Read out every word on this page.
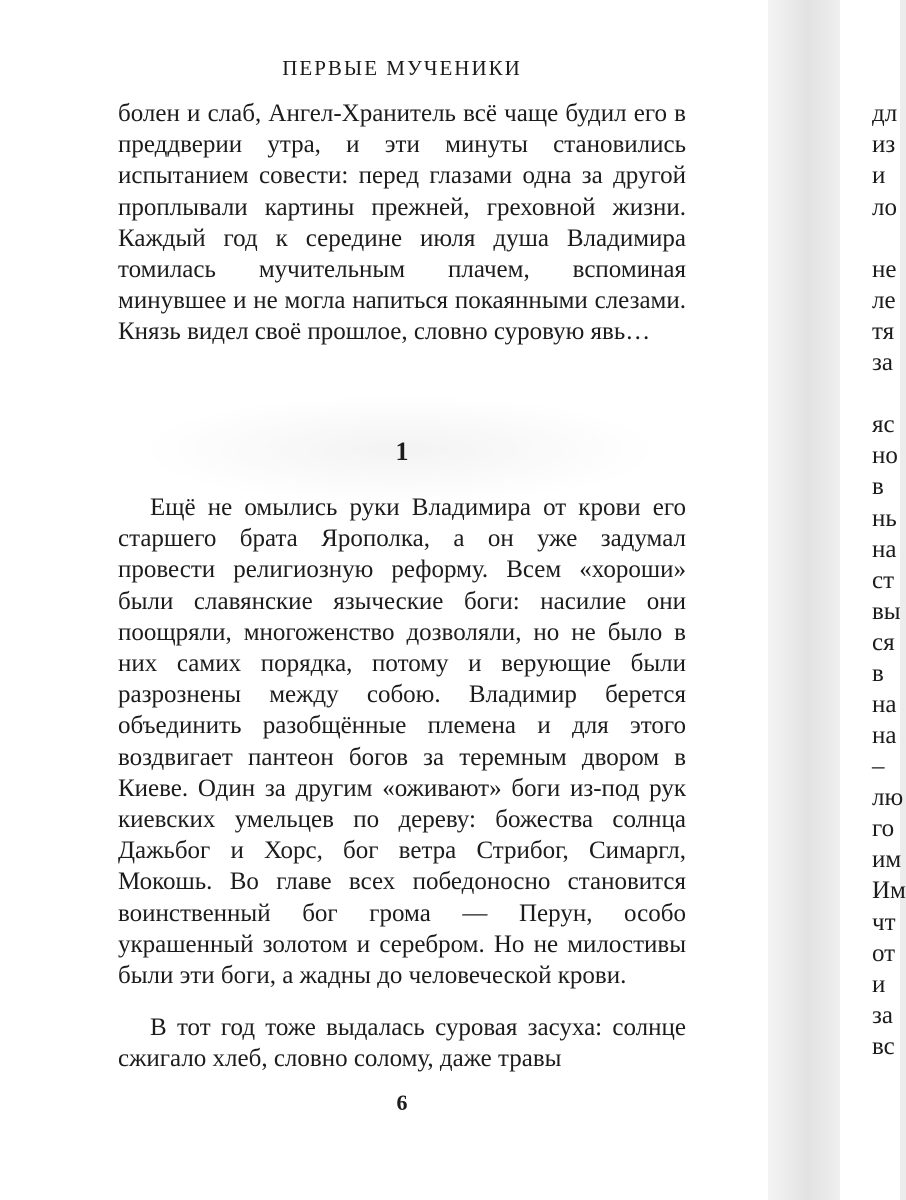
ПЕРВЫЕ МУЧЕНИКИ

болен и слаб, Ангел-Хранитель всё чаще будил его в преддверии утра, и эти минуты становились испытанием совести: перед глазами одна за другой проплывали картины прежней, греховной жизни. Каждый год к середине июля душа Владимира томилась мучительным плачем, вспоминая минувшее и не могла напиться покаянными слезами. Князь видел своё прошлое, словно суровую явь…

1

Ещё не омылись руки Владимира от крови его старшего брата Ярополка, а он уже задумал провести религиозную реформу. Всем «хороши» были славянские языческие боги: насилие они поощряли, многоженство дозволяли, но не было в них самих порядка, потому и верующие были разрознены между собою. Владимир берется объединить разобщённые племена и для этого воздвигает пантеон богов за теремным двором в Киеве. Один за другим «оживают» боги из-под рук киевских умельцев по дереву: божества солнца Дажьбог и Хорс, бог ветра Стрибог, Симаргл, Мокошь. Во главе всех победоносно становится воинственный бог грома — Перун, особо украшенный золотом и серебром. Но не милостивы были эти боги, а жадны до человеческой крови.

В тот год тоже выдалась суровая засуха: солнце сжигало хлеб, словно солому, даже травы

6
дл
из
и
ло
не
ле
тя
за
яс
но
в
нь
на
ст
вы
ся
в
на
на
–
лю
го
им
Им
чт
от
и
за
вс
